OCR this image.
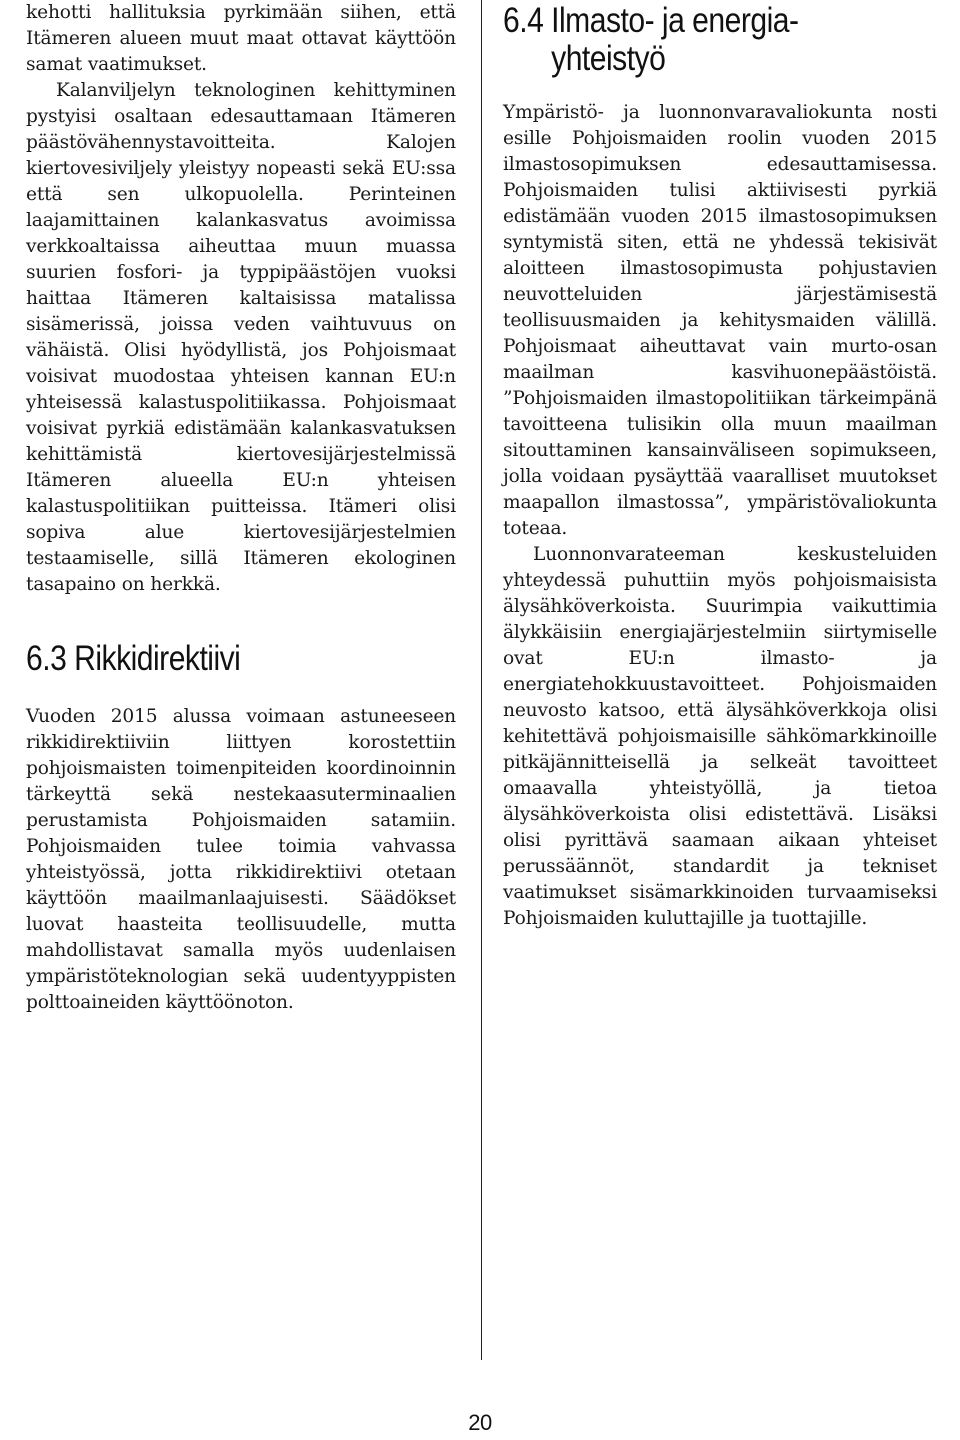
kehotti hallituksia pyrkimään siihen, että Itämeren alueen muut maat ottavat käyttöön samat vaatimukset.

Kalanviljelyn teknologinen kehittyminen pystyisi osaltaan edesauttamaan Itämeren päästövähennystavoitteita. Kalojen kiertovesiviljely yleistyy nopeasti sekä EU:ssa että sen ulkopuolella. Perinteinen laajamittainen kalankasvatus avoimissa verkkoaltaissa aiheuttaa muun muassa suurien fosfori- ja typpipäästöjen vuoksi haittaa Itämeren kaltaisissa matalissa sisämerissä, joissa veden vaihtuvuus on vähäistä. Olisi hyödyllistä, jos Pohjoismaat voisivat muodostaa yhteisen kannan EU:n yhteisessä kalastuspolitiikassa. Pohjoismaat voisivat pyrkiä edistämään kalankasvatuksen kehittämistä kiertovesijärjestelmissä Itämeren alueella EU:n yhteisen kalastuspolitiikan puitteissa. Itämeri olisi sopiva alue kiertovesijärjestelmien testaamiselle, sillä Itämeren ekologinen tasapaino on herkkä.

6.3 Rikkidirektiivi

Vuoden 2015 alussa voimaan astuneeseen rikkidirektiiviin liittyen korostettiin pohjoismaisten toimenpiteiden koordinoinnin tärkeyttä sekä nestekaasuterminaalien perustamista Pohjoismaiden satamiin. Pohjoismaiden tulee toimia vahvassa yhteistyössä, jotta rikkidirektiivi otetaan käyttöön maailmanlaajuisesti. Säädökset luovat haasteita teollisuudelle, mutta mahdollistavat samalla myös uudenlaisen ympäristöteknologian sekä uudentyyppisten polttoaineiden käyttöönoton.

6.4 Ilmasto- ja energia-
yhteistyö

Ympäristö- ja luonnonvaravaliokunta nosti esille Pohjoismaiden roolin vuoden 2015 ilmastosopimuksen edesauttamisessa. Pohjoismaiden tulisi aktiivisesti pyrkiä edistämään vuoden 2015 ilmastosopimuksen syntymistä siten, että ne yhdessä tekisivät aloitteen ilmastosopimusta pohjustavien neuvotteluiden järjestämisestä teollisuusmaiden ja kehitysmaiden välillä. Pohjoismaat aiheuttavat vain murto-osan maailman kasvihuonepäästöistä. ”Pohjoismaiden ilmastopolitiikan tärkeimpänä tavoitteena tulisikin olla muun maailman sitouttaminen kansainväliseen sopimukseen, jolla voidaan pysäyttää vaaralliset muutokset maapallon ilmastossa”, ympäristövaliokunta toteaa.

Luonnonvarateeman keskusteluiden yhteydessä puhuttiin myös pohjoismaisista älysähköverkoista. Suurimpia vaikuttimia älykkäisiin energiajärjestelmiin siirtymiselle ovat EU:n ilmasto- ja energiatehokkuustavoitteet. Pohjoismaiden neuvosto katsoo, että älysähköverkkoja olisi kehitettävä pohjoismaisille sähkömarkkinoille pitkäjännitteisellä ja selkeät tavoitteet omaavalla yhteistyöllä, ja tietoa älysähköverkoista olisi edistettävä. Lisäksi olisi pyrittävä saamaan aikaan yhteiset perussäännöt, standardit ja tekniset vaatimukset sisämarkkinoiden turvaamiseksi Pohjoismaiden kuluttajille ja tuottajille.

20
